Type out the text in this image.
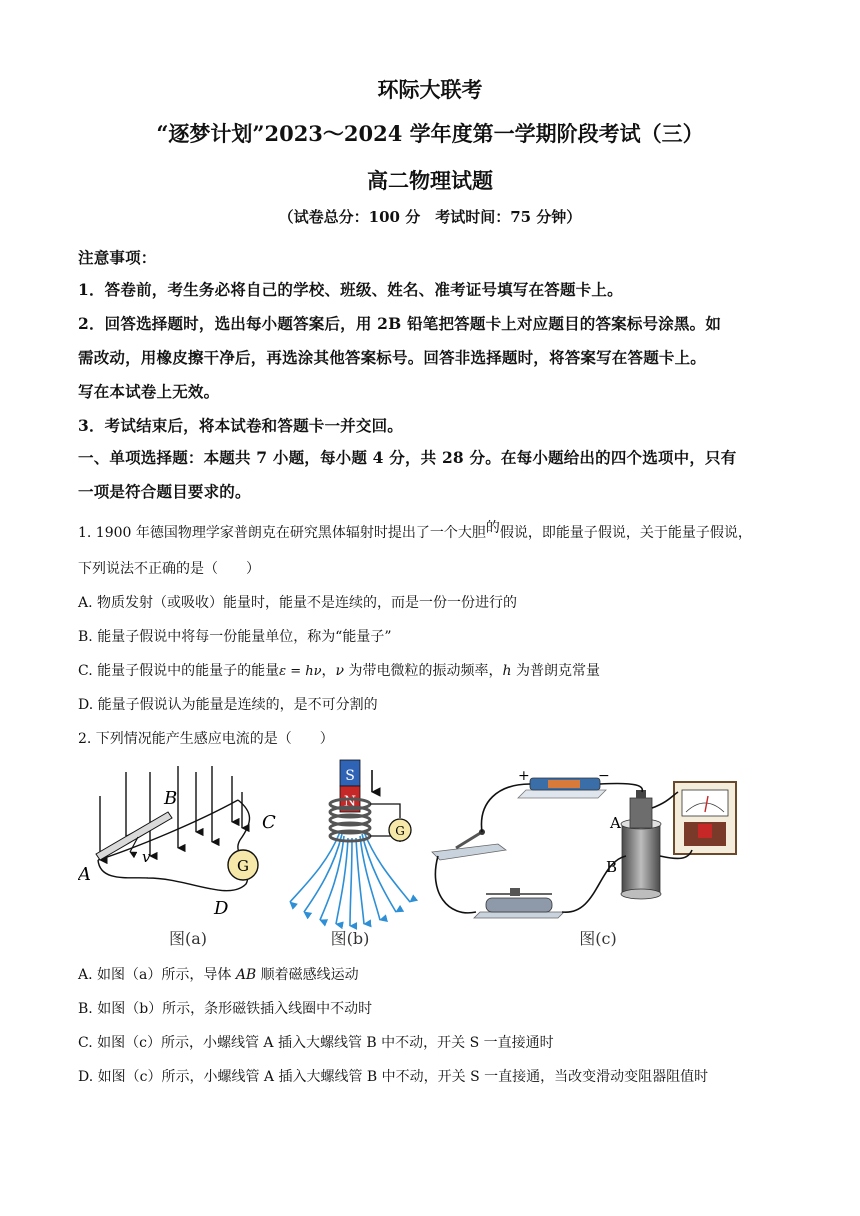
环际大联考
“逐梦计划”2023～2024 学年度第一学期阶段考试（三）
高二物理试题
（试卷总分：100 分　考试时间：75 分钟）
注意事项：
1．答卷前，考生务必将自己的学校、班级、姓名、准考证号填写在答题卡上。
2．回答选择题时，选出每小题答案后，用 2B 铅笔把答题卡上对应题目的答案标号涂黑。如
需改动，用橡皮擦干净后，再选涂其他答案标号。回答非选择题时，将答案写在答题卡上。
写在本试卷上无效。
3．考试结束后，将本试卷和答题卡一并交回。
一、单项选择题：本题共 7 小题，每小题 4 分，共 28 分。在每小题给出的四个选项中，只有
一项是符合题目要求的。
1. 1900 年德国物理学家普朗克在研究黑体辐射时提出了一个大胆的假说，即能量子假说，关于能量子假说，
下列说法不正确的是（　　）
A. 物质发射（或吸收）能量时，能量不是连续的，而是一份一份进行的
B. 能量子假说中将每一份能量单位，称为“能量子”
C. 能量子假说中的能量子的能量ε = hν，ν 为带电微粒的振动频率，h 为普朗克常量
D. 能量子假说认为能量是连续的，是不可分割的
2. 下列情况能产生感应电流的是（　　）
G
A
B
C
D
v
图(a)
S
N
G
图(b)
+	−
A
B
图(c)
A. 如图（a）所示，导体 AB 顺着磁感线运动
B. 如图（b）所示，条形磁铁插入线圈中不动时
C. 如图（c）所示，小螺线管 A 插入大螺线管 B 中不动，开关 S 一直接通时
D. 如图（c）所示，小螺线管 A 插入大螺线管 B 中不动，开关 S 一直接通，当改变滑动变阻器阻值时
